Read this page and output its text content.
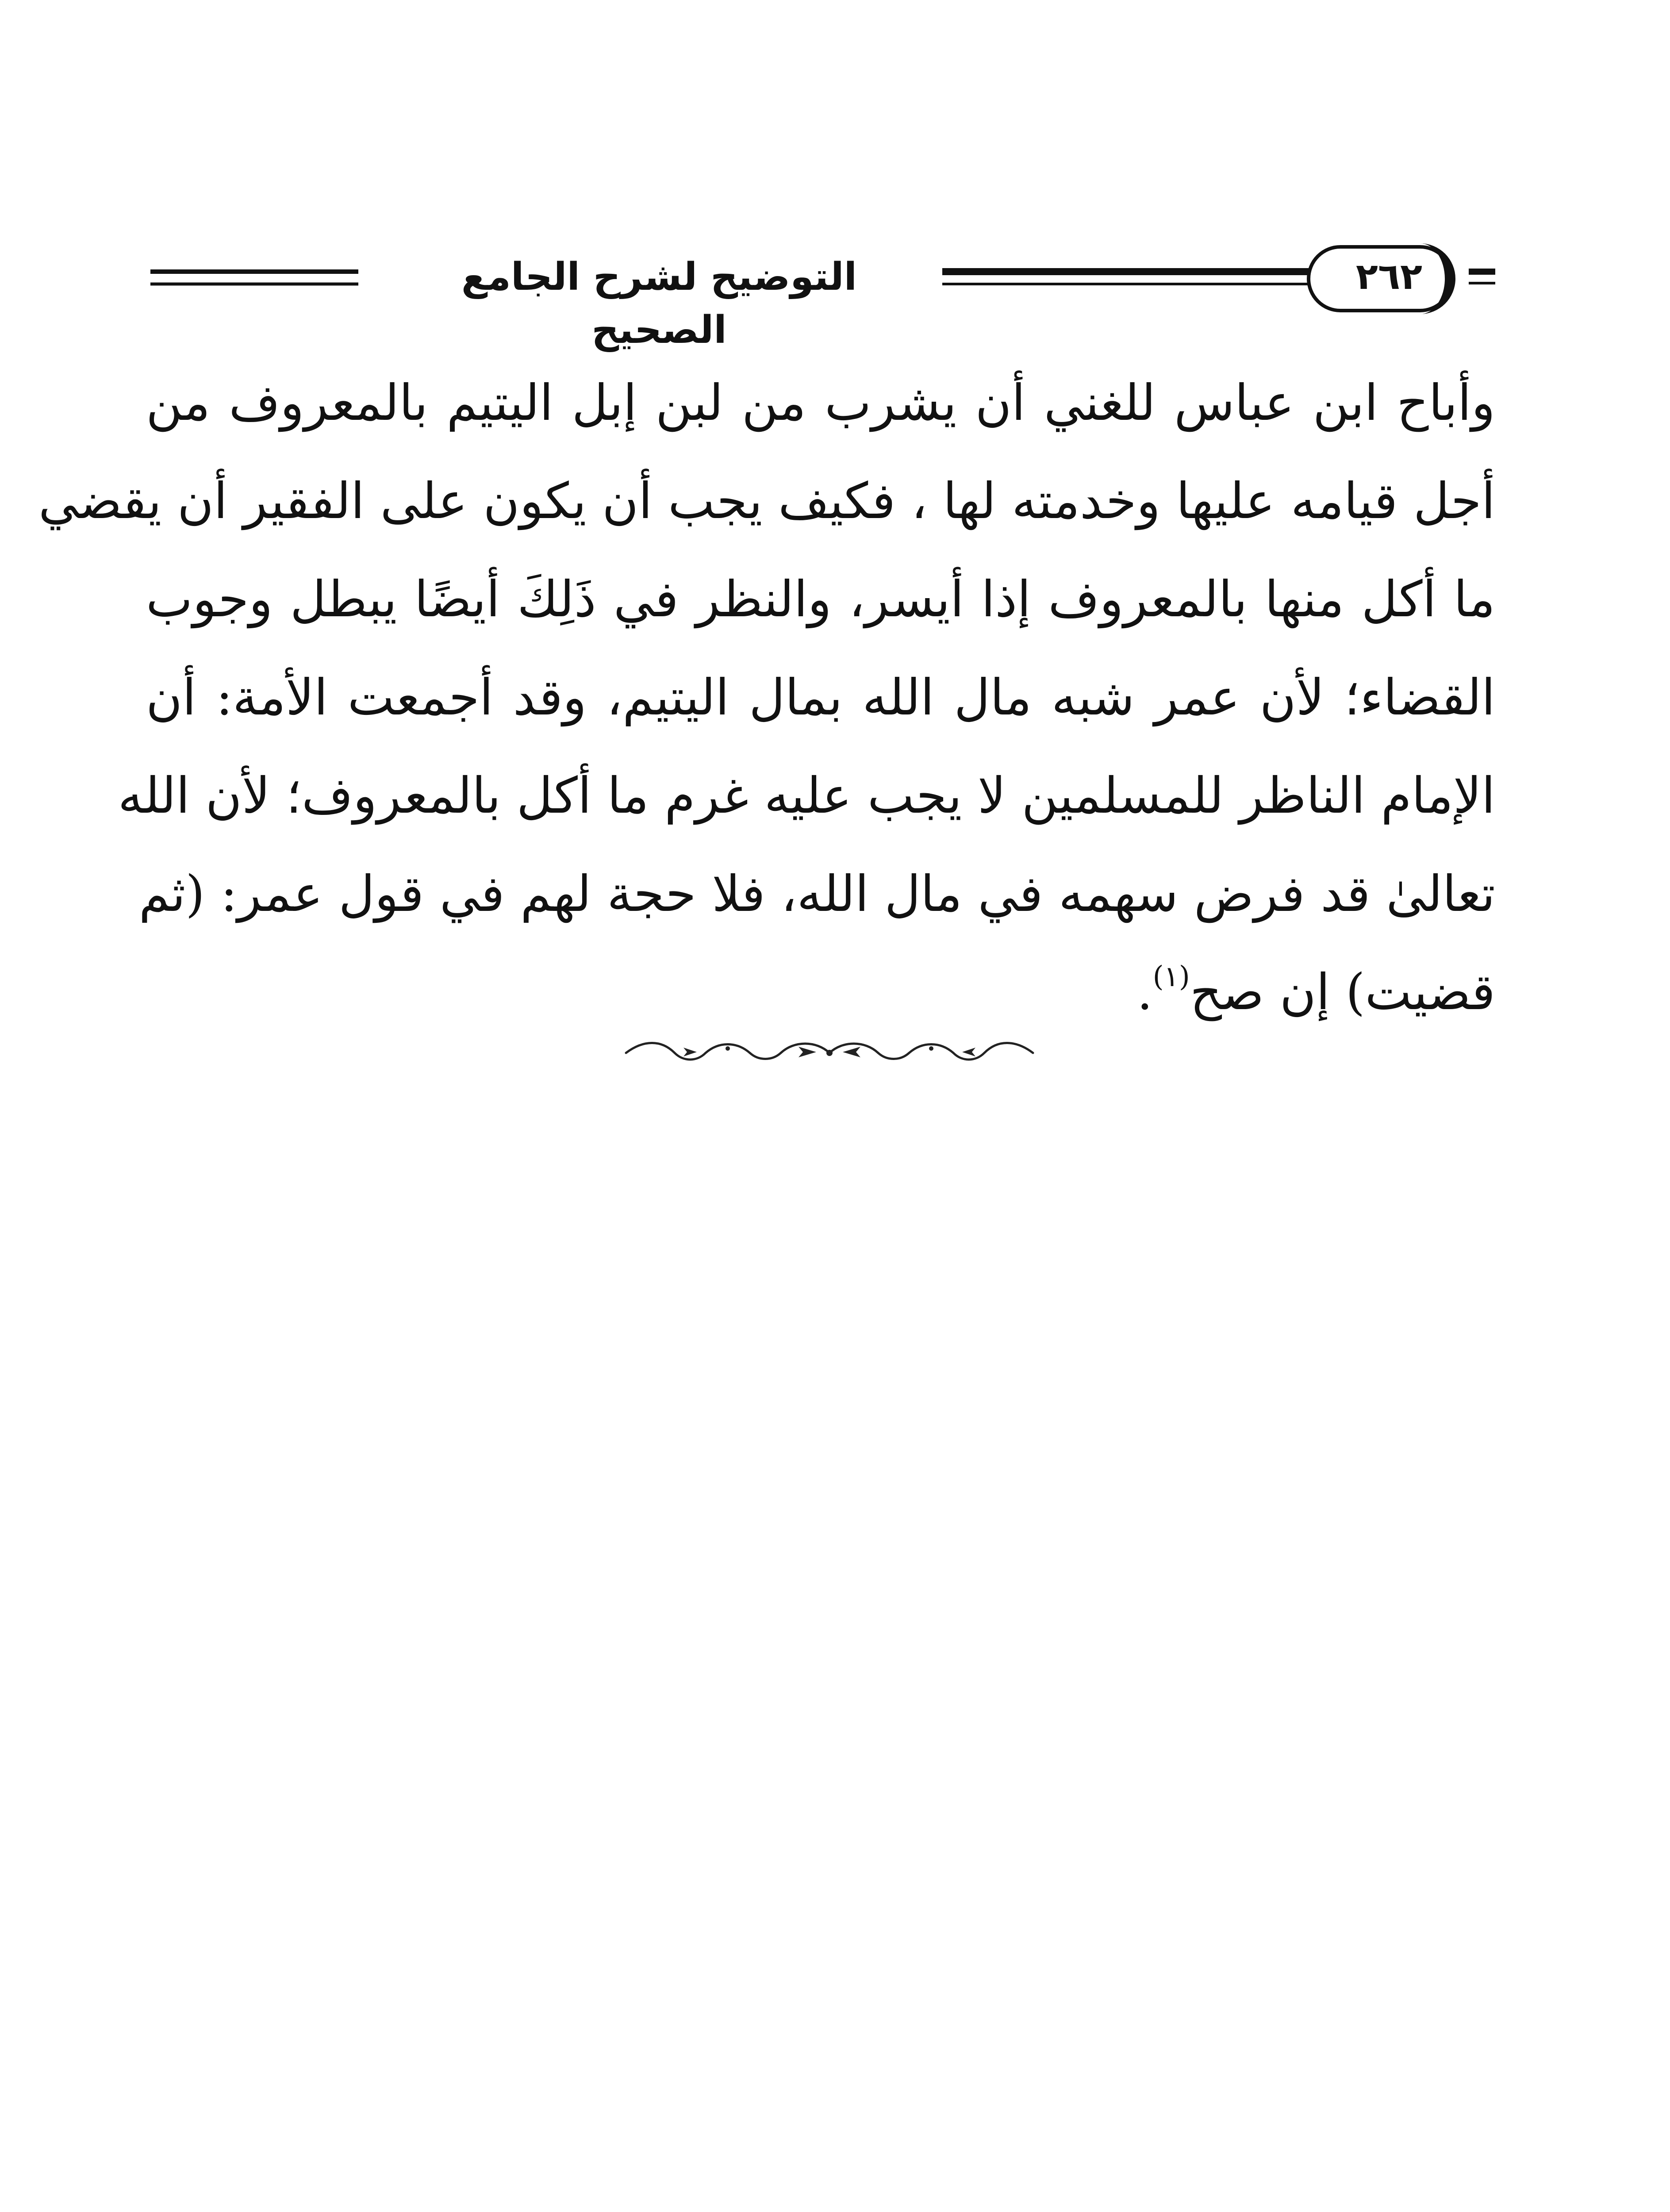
التوضيح لشرح الجامع الصحيح
٢٦٢
وأباح ابن عباس للغني أن يشرب من لبن إبل اليتيم بالمعروف من
أجل قيامه عليها وخدمته لها ، فكيف يجب أن يكون على الفقير أن يقضي
ما أكل منها بالمعروف إذا أيسر، والنظر في ذَلِكَ أيضًا يبطل وجوب
القضاء؛ لأن عمر شبه مال الله بمال اليتيم، وقد أجمعت الأمة: أن
الإمام الناظر للمسلمين لا يجب عليه غرم ما أكل بالمعروف؛ لأن الله
تعالىٰ قد فرض سهمه في مال الله، فلا حجة لهم في قول عمر: (ثم
قضيت) إن صح$^{(١)}$.
